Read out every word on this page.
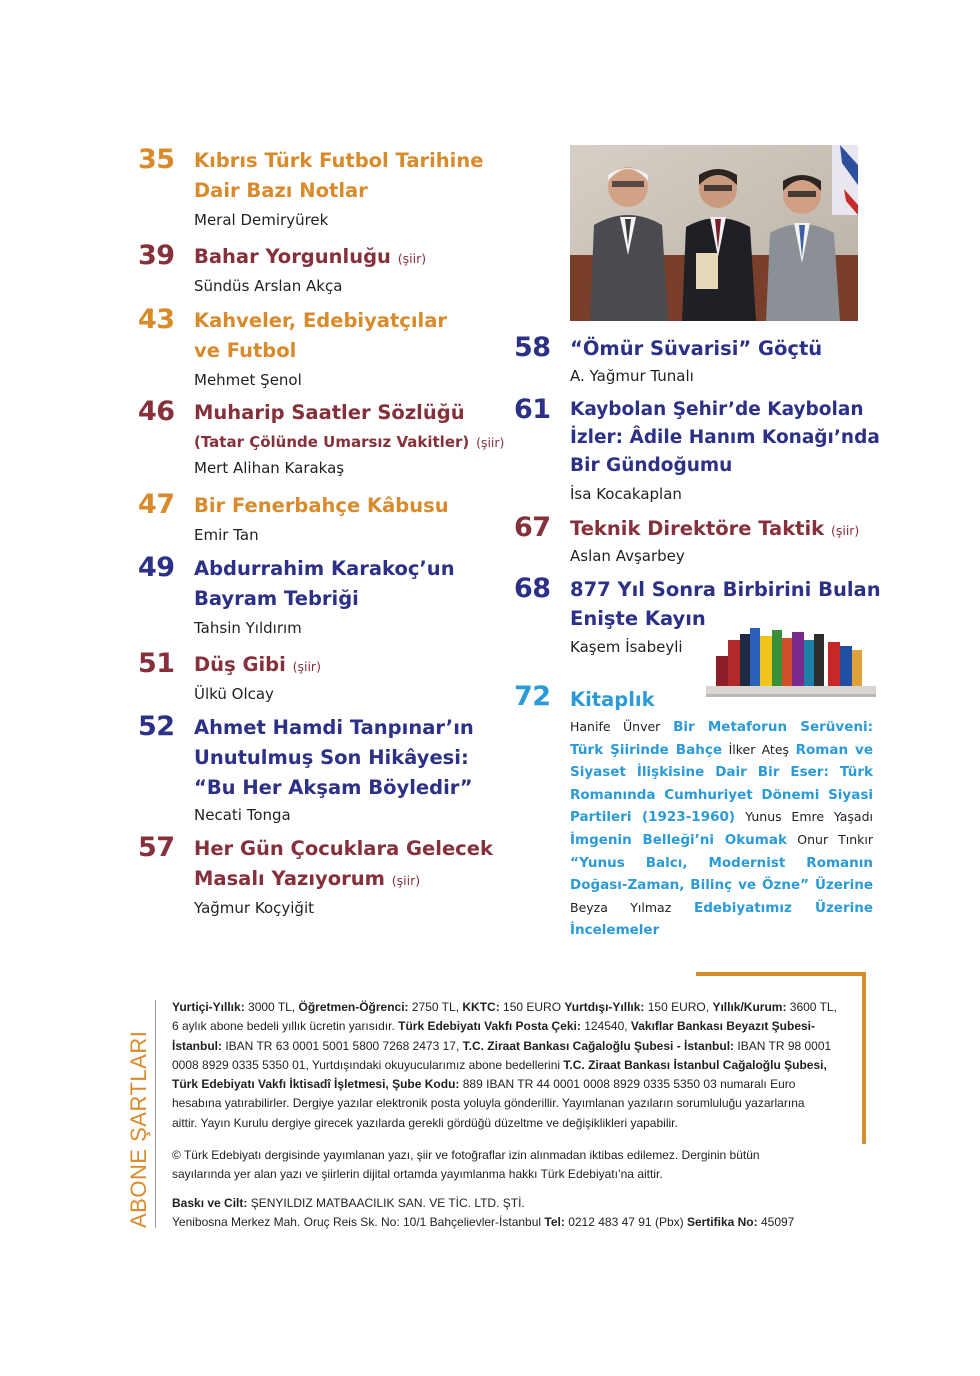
35 Kıbrıs Türk Futbol Tarihine
Dair Bazı Notlar
Meral Demiryürek
39 Bahar Yorgunluğu (şiir)
Sündüs Arslan Akça
43 Kahveler, Edebiyatçılar
ve Futbol
Mehmet Şenol
46 Muharip Saatler Sözlüğü
(Tatar Çölünde Umarsız Vakitler) (şiir)
Mert Alihan Karakaş
47 Bir Fenerbahçe Kâbusu
Emir Tan
49 Abdurrahim Karakoç’un
Bayram Tebriği
Tahsin Yıldırım
51 Düş Gibi (şiir)
Ülkü Olcay
52 Ahmet Hamdi Tanpınar’ın
Unutulmuş Son Hikâyesi:
“Bu Her Akşam Böyledir”
Necati Tonga
57 Her Gün Çocuklara Gelecek
Masalı Yazıyorum (şiir)
Yağmur Koçyiğit
58 “Ömür Süvarisi” Göçtü
A. Yağmur Tunalı
61 Kaybolan Şehir’de Kaybolan
İzler: Âdile Hanım Konağı’nda
Bir Gündoğumu
İsa Kocakaplan
67 Teknik Direktöre Taktik (şiir)
Aslan Avşarbey
68 877 Yıl Sonra Birbirini Bulan
Enişte Kayın
Kaşem İsabeyli
72 Kitaplık
Hanife Ünver Bir Metaforun Serüveni: Türk Şiirinde Bahçe İlker Ateş Roman ve Siyaset İlişkisine Dair Bir Eser: Türk Romanında Cumhuriyet Dönemi Siyasi Partileri (1923-1960) Yunus Emre Yaşadı İmgenin Belleği’ni Okumak Onur Tınkır “Yunus Balcı, Modernist Romanın Doğası-Zaman, Bilinç ve Özne” Üzerine Beyza Yılmaz Edebiyatımız Üzerine İncelemeler
ABONE ŞARTLARI
Yurtiçi-Yıllık: 3000 TL, Öğretmen-Öğrenci: 2750 TL, KKTC: 150 EURO Yurtdışı-Yıllık: 150 EURO, Yıllık/Kurum: 3600 TL,
6 aylık abone bedeli yıllık ücretin yarısıdır. Türk Edebiyatı Vakfı Posta Çeki: 124540, Vakıflar Bankası Beyazıt Şubesi-
İstanbul: IBAN TR 63 0001 5001 5800 7268 2473 17, T.C. Ziraat Bankası Cağaloğlu Şubesi - İstanbul: IBAN TR 98 0001
0008 8929 0335 5350 01, Yurtdışındaki okuyucularımız abone bedellerini T.C. Ziraat Bankası İstanbul Cağaloğlu Şubesi,
Türk Edebiyatı Vakfı İktisadî İşletmesi, Şube Kodu: 889 IBAN TR 44 0001 0008 8929 0335 5350 03 numaralı Euro
hesabına yatırabilirler. Dergiye yazılar elektronik posta yoluyla gönderillir. Yayımlanan yazıların sorumluluğu yazarlarına
aittir. Yayın Kurulu dergiye girecek yazılarda gerekli gördüğü düzeltme ve değişiklikleri yapabilir.
© Türk Edebiyatı dergisinde yayımlanan yazı, şiir ve fotoğraflar izin alınmadan iktibas edilemez. Derginin bütün
sayılarında yer alan yazı ve şiirlerin dijital ortamda yayımlanma hakkı Türk Edebiyatı’na aittir.
Baskı ve Cilt: ŞENYILDIZ MATBAACILIK SAN. VE TİC. LTD. ŞTİ.
Yenibosna Merkez Mah. Oruç Reis Sk. No: 10/1 Bahçelievler-İstanbul Tel: 0212 483 47 91 (Pbx) Sertifika No: 45097
